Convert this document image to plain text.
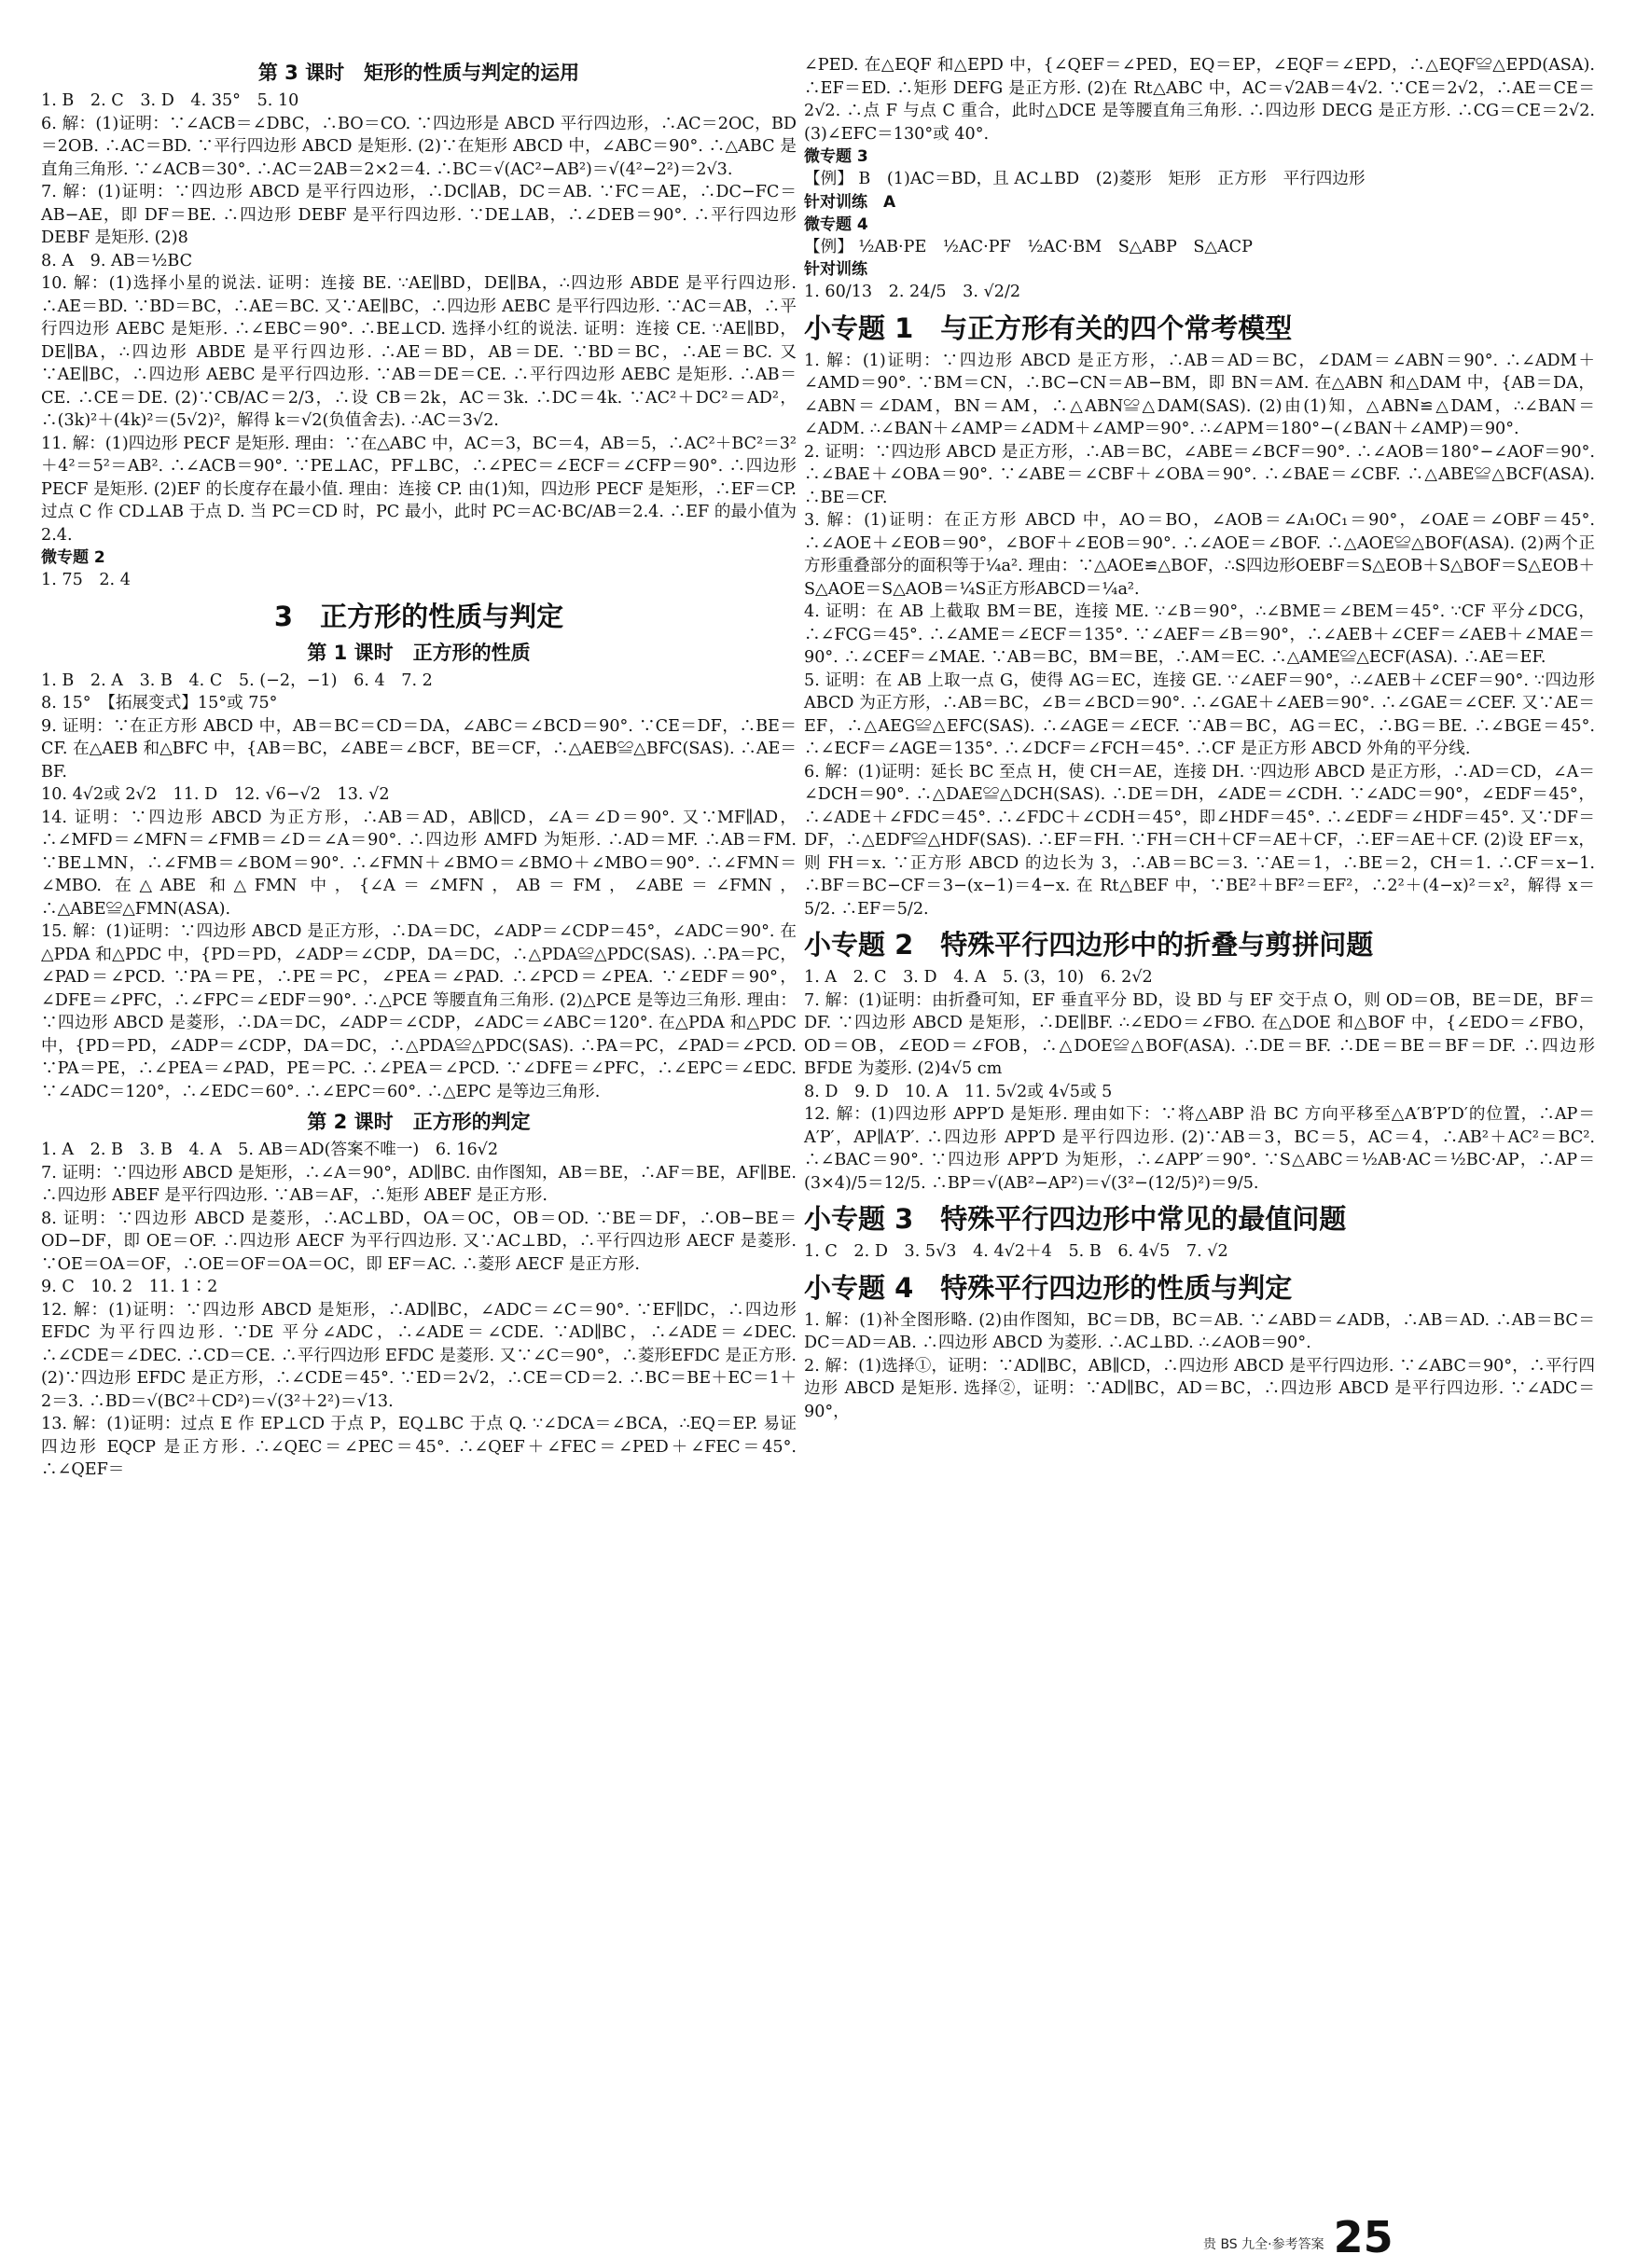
第 3 课时　矩形的性质与判定的运用

1. B　2. C　3. D　4. 35°　5. 10

6. 解：(1)证明：∵∠ACB＝∠DBC，∴BO＝CO. ∵四边形是 ABCD 平行四边形，∴AC＝2OC，BD＝2OB. ∴AC＝BD. ∵平行四边形 ABCD 是矩形. (2)∵在矩形 ABCD 中，∠ABC＝90°. ∴△ABC 是直角三角形. ∵∠ACB＝30°. ∴AC＝2AB＝2×2＝4. ∴BC＝√(AC²−AB²)＝√(4²−2²)＝2√3.

7. 解：(1)证明：∵四边形 ABCD 是平行四边形，∴DC∥AB，DC＝AB. ∵FC＝AE，∴DC−FC＝AB−AE，即 DF＝BE. ∴四边形 DEBF 是平行四边形. ∵DE⊥AB，∴∠DEB＝90°. ∴平行四边形 DEBF 是矩形. (2)8

8. A　9. AB＝½BC

10. 解：(1)选择小星的说法. 证明：连接 BE. ∵AE∥BD，DE∥BA，∴四边形 ABDE 是平行四边形. ∴AE＝BD. ∵BD＝BC，∴AE＝BC. 又∵AE∥BC，∴四边形 AEBC 是平行四边形. ∵AC＝AB，∴平行四边形 AEBC 是矩形. ∴∠EBC＝90°. ∴BE⊥CD. 选择小红的说法. 证明：连接 CE. ∵AE∥BD，DE∥BA，∴四边形 ABDE 是平行四边形. ∴AE＝BD，AB＝DE. ∵BD＝BC，∴AE＝BC. 又∵AE∥BC，∴四边形 AEBC 是平行四边形. ∵AB＝DE＝CE. ∴平行四边形 AEBC 是矩形. ∴AB＝CE. ∴CE＝DE. (2)∵CB/AC＝2/3，∴设 CB＝2k，AC＝3k. ∴DC＝4k. ∵AC²＋DC²＝AD²，∴(3k)²＋(4k)²＝(5√2)²，解得 k＝√2(负值舍去). ∴AC＝3√2.

11. 解：(1)四边形 PECF 是矩形. 理由：∵在△ABC 中，AC＝3，BC＝4，AB＝5，∴AC²＋BC²＝3²＋4²＝5²＝AB². ∴∠ACB＝90°. ∵PE⊥AC，PF⊥BC，∴∠PEC＝∠ECF＝∠CFP＝90°. ∴四边形 PECF 是矩形. (2)EF 的长度存在最小值. 理由：连接 CP. 由(1)知，四边形 PECF 是矩形，∴EF＝CP. 过点 C 作 CD⊥AB 于点 D. 当 PC＝CD 时，PC 最小，此时 PC＝AC·BC/AB＝2.4. ∴EF 的最小值为 2.4.

微专题 2

1. 75　2. 4

3　正方形的性质与判定
第 1 课时　正方形的性质

1. B　2. A　3. B　4. C　5. (−2，−1)　6. 4　7. 2

8. 15°　【拓展变式】15°或 75°

9. 证明：∵在正方形 ABCD 中，AB＝BC＝CD＝DA，∠ABC＝∠BCD＝90°. ∵CE＝DF，∴BE＝CF. 在△AEB 和△BFC 中，{AB＝BC，∠ABE＝∠BCF，BE＝CF，∴△AEB≌△BFC(SAS). ∴AE＝BF.

10. 4√2或 2√2　11. D　12. √6−√2　13. √2

14. 证明：∵四边形 ABCD 为正方形，∴AB＝AD，AB∥CD，∠A＝∠D＝90°. 又∵MF∥AD，∴∠MFD＝∠MFN＝∠FMB＝∠D＝∠A＝90°. ∴四边形 AMFD 为矩形. ∴AD＝MF. ∴AB＝FM. ∵BE⊥MN，∴∠FMB＝∠BOM＝90°. ∴∠FMN＋∠BMO＝∠BMO＋∠MBO＝90°. ∴∠FMN＝∠MBO. 在△ABE 和△FMN 中，{∠A＝∠MFN，AB＝FM，∠ABE＝∠FMN，∴△ABE≌△FMN(ASA).

15. 解：(1)证明：∵四边形 ABCD 是正方形，∴DA＝DC，∠ADP＝∠CDP＝45°，∠ADC＝90°. 在△PDA 和△PDC 中，{PD＝PD，∠ADP＝∠CDP，DA＝DC，∴△PDA≌△PDC(SAS). ∴PA＝PC，∠PAD＝∠PCD. ∵PA＝PE，∴PE＝PC，∠PEA＝∠PAD. ∴∠PCD＝∠PEA. ∵∠EDF＝90°，∠DFE＝∠PFC，∴∠FPC＝∠EDF＝90°. ∴△PCE 等腰直角三角形. (2)△PCE 是等边三角形. 理由：∵四边形 ABCD 是菱形，∴DA＝DC，∠ADP＝∠CDP，∠ADC＝∠ABC＝120°. 在△PDA 和△PDC 中，{PD＝PD，∠ADP＝∠CDP，DA＝DC，∴△PDA≌△PDC(SAS). ∴PA＝PC，∠PAD＝∠PCD. ∵PA＝PE，∴∠PEA＝∠PAD，PE＝PC. ∴∠PEA＝∠PCD. ∵∠DFE＝∠PFC，∴∠EPC＝∠EDC. ∵∠ADC＝120°，∴∠EDC＝60°. ∴∠EPC＝60°. ∴△EPC 是等边三角形.

第 2 课时　正方形的判定

1. A　2. B　3. B　4. A　5. AB＝AD(答案不唯一)　6. 16√2

7. 证明：∵四边形 ABCD 是矩形，∴∠A＝90°，AD∥BC. 由作图知，AB＝BE，∴AF＝BE，AF∥BE. ∴四边形 ABEF 是平行四边形. ∵AB＝AF，∴矩形 ABEF 是正方形.

8. 证明：∵四边形 ABCD 是菱形，∴AC⊥BD，OA＝OC，OB＝OD. ∵BE＝DF，∴OB−BE＝OD−DF，即 OE＝OF. ∴四边形 AECF 为平行四边形. 又∵AC⊥BD，∴平行四边形 AECF 是菱形. ∵OE＝OA＝OF，∴OE＝OF＝OA＝OC，即 EF＝AC. ∴菱形 AECF 是正方形.

9. C　10. 2　11. 1∶2

12. 解：(1)证明：∵四边形 ABCD 是矩形，∴AD∥BC，∠ADC＝∠C＝90°. ∵EF∥DC，∴四边形 EFDC 为平行四边形. ∵DE 平分∠ADC，∴∠ADE＝∠CDE. ∵AD∥BC，∴∠ADE＝∠DEC. ∴∠CDE＝∠DEC. ∴CD＝CE. ∴平行四边形 EFDC 是菱形. 又∵∠C＝90°，∴菱形EFDC 是正方形. (2)∵四边形 EFDC 是正方形，∴∠CDE＝45°. ∵ED＝2√2，∴CE＝CD＝2. ∴BC＝BE＋EC＝1＋2＝3. ∴BD＝√(BC²＋CD²)＝√(3²＋2²)＝√13.

13. 解：(1)证明：过点 E 作 EP⊥CD 于点 P，EQ⊥BC 于点 Q. ∵∠DCA＝∠BCA，∴EQ＝EP. 易证四边形 EQCP 是正方形. ∴∠QEC＝∠PEC＝45°. ∴∠QEF＋∠FEC＝∠PED＋∠FEC＝45°. ∴∠QEF＝

∠PED. 在△EQF 和△EPD 中，{∠QEF＝∠PED，EQ＝EP，∠EQF＝∠EPD，∴△EQF≌△EPD(ASA). ∴EF＝ED. ∴矩形 DEFG 是正方形. (2)在 Rt△ABC 中，AC＝√2AB＝4√2. ∵CE＝2√2，∴AE＝CE＝2√2. ∴点 F 与点 C 重合，此时△DCE 是等腰直角三角形. ∴四边形 DECG 是正方形. ∴CG＝CE＝2√2. (3)∠EFC＝130°或 40°.

微专题 3

【例】 B　(1)AC＝BD，且 AC⊥BD　(2)菱形　矩形　正方形　平行四边形

针对训练　A

微专题 4

【例】 ½AB·PE　½AC·PF　½AC·BM　S△ABP　S△ACP

针对训练

1. 60/13　2. 24/5　3. √2/2

小专题 1　与正方形有关的四个常考模型

1. 解：(1)证明：∵四边形 ABCD 是正方形，∴AB＝AD＝BC，∠DAM＝∠ABN＝90°. ∴∠ADM＋∠AMD＝90°. ∵BM＝CN，∴BC−CN＝AB−BM，即 BN＝AM. 在△ABN 和△DAM 中，{AB＝DA，∠ABN＝∠DAM，BN＝AM，∴△ABN≌△DAM(SAS). (2)由(1)知，△ABN≌△DAM，∴∠BAN＝∠ADM. ∴∠BAN＋∠AMP＝∠ADM＋∠AMP＝90°. ∴∠APM＝180°−(∠BAN＋∠AMP)＝90°.

2. 证明：∵四边形 ABCD 是正方形，∴AB＝BC，∠ABE＝∠BCF＝90°. ∴∠AOB＝180°−∠AOF＝90°. ∴∠BAE＋∠OBA＝90°. ∵∠ABE＝∠CBF＋∠OBA＝90°. ∴∠BAE＝∠CBF. ∴△ABE≌△BCF(ASA). ∴BE＝CF.

3. 解：(1)证明：在正方形 ABCD 中，AO＝BO，∠AOB＝∠A₁OC₁＝90°，∠OAE＝∠OBF＝45°. ∴∠AOE＋∠EOB＝90°，∠BOF＋∠EOB＝90°. ∴∠AOE＝∠BOF. ∴△AOE≌△BOF(ASA). (2)两个正方形重叠部分的面积等于¼a². 理由：∵△AOE≌△BOF，∴S四边形OEBF＝S△EOB＋S△BOF＝S△EOB＋S△AOE＝S△AOB＝¼S正方形ABCD＝¼a².

4. 证明：在 AB 上截取 BM＝BE，连接 ME. ∵∠B＝90°，∴∠BME＝∠BEM＝45°. ∵CF 平分∠DCG，∴∠FCG＝45°. ∴∠AME＝∠ECF＝135°. ∵∠AEF＝∠B＝90°，∴∠AEB＋∠CEF＝∠AEB＋∠MAE＝90°. ∴∠CEF＝∠MAE. ∵AB＝BC，BM＝BE，∴AM＝EC. ∴△AME≌△ECF(ASA). ∴AE＝EF.

5. 证明：在 AB 上取一点 G，使得 AG＝EC，连接 GE. ∵∠AEF＝90°，∴∠AEB＋∠CEF＝90°. ∵四边形 ABCD 为正方形，∴AB＝BC，∠B＝∠BCD＝90°. ∴∠GAE＋∠AEB＝90°. ∴∠GAE＝∠CEF. 又∵AE＝EF，∴△AEG≌△EFC(SAS). ∴∠AGE＝∠ECF. ∵AB＝BC，AG＝EC，∴BG＝BE. ∴∠BGE＝45°. ∴∠ECF＝∠AGE＝135°. ∴∠DCF＝∠FCH＝45°. ∴CF 是正方形 ABCD 外角的平分线.

6. 解：(1)证明：延长 BC 至点 H，使 CH＝AE，连接 DH. ∵四边形 ABCD 是正方形，∴AD＝CD，∠A＝∠DCH＝90°. ∴△DAE≌△DCH(SAS). ∴DE＝DH，∠ADE＝∠CDH. ∵∠ADC＝90°，∠EDF＝45°，∴∠ADE＋∠FDC＝45°. ∴∠FDC＋∠CDH＝45°，即∠HDF＝45°. ∴∠EDF＝∠HDF＝45°. 又∵DF＝DF，∴△EDF≌△HDF(SAS). ∴EF＝FH. ∵FH＝CH＋CF＝AE＋CF，∴EF＝AE＋CF. (2)设 EF＝x，则 FH＝x. ∵正方形 ABCD 的边长为 3，∴AB＝BC＝3. ∵AE＝1，∴BE＝2，CH＝1. ∴CF＝x−1. ∴BF＝BC−CF＝3−(x−1)＝4−x. 在 Rt△BEF 中，∵BE²＋BF²＝EF²，∴2²＋(4−x)²＝x²，解得 x＝5/2. ∴EF＝5/2.

小专题 2　特殊平行四边形中的折叠与剪拼问题

1. A　2. C　3. D　4. A　5. (3，10)　6. 2√2

7. 解：(1)证明：由折叠可知，EF 垂直平分 BD，设 BD 与 EF 交于点 O，则 OD＝OB，BE＝DE，BF＝DF. ∵四边形 ABCD 是矩形，∴DE∥BF. ∴∠EDO＝∠FBO. 在△DOE 和△BOF 中，{∠EDO＝∠FBO，OD＝OB，∠EOD＝∠FOB，∴△DOE≌△BOF(ASA). ∴DE＝BF. ∴DE＝BE＝BF＝DF. ∴四边形 BFDE 为菱形. (2)4√5 cm

8. D　9. D　10. A　11. 5√2或 4√5或 5

12. 解：(1)四边形 APP′D 是矩形. 理由如下：∵将△ABP 沿 BC 方向平移至△A′B′P′D′的位置，∴AP＝A′P′，AP∥A′P′. ∴四边形 APP′D 是平行四边形. (2)∵AB＝3，BC＝5，AC＝4，∴AB²＋AC²＝BC². ∴∠BAC＝90°. ∵四边形 APP′D 为矩形，∴∠APP′＝90°. ∵S△ABC＝½AB·AC＝½BC·AP，∴AP＝(3×4)/5＝12/5. ∴BP＝√(AB²−AP²)＝√(3²−(12/5)²)＝9/5.

小专题 3　特殊平行四边形中常见的最值问题

1. C　2. D　3. 5√3　4. 4√2＋4　5. B　6. 4√5　7. √2

小专题 4　特殊平行四边形的性质与判定

1. 解：(1)补全图形略. (2)由作图知，BC＝DB，BC＝AB. ∵∠ABD＝∠ADB，∴AB＝AD. ∴AB＝BC＝DC＝AD＝AB. ∴四边形 ABCD 为菱形. ∴AC⊥BD. ∴∠AOB＝90°.

2. 解：(1)选择①，证明：∵AD∥BC，AB∥CD，∴四边形 ABCD 是平行四边形. ∵∠ABC＝90°，∴平行四边形 ABCD 是矩形. 选择②，证明：∵AD∥BC，AD＝BC，∴四边形 ABCD 是平行四边形. ∵∠ADC＝90°，

贵 BS 九全·参考答案 25
